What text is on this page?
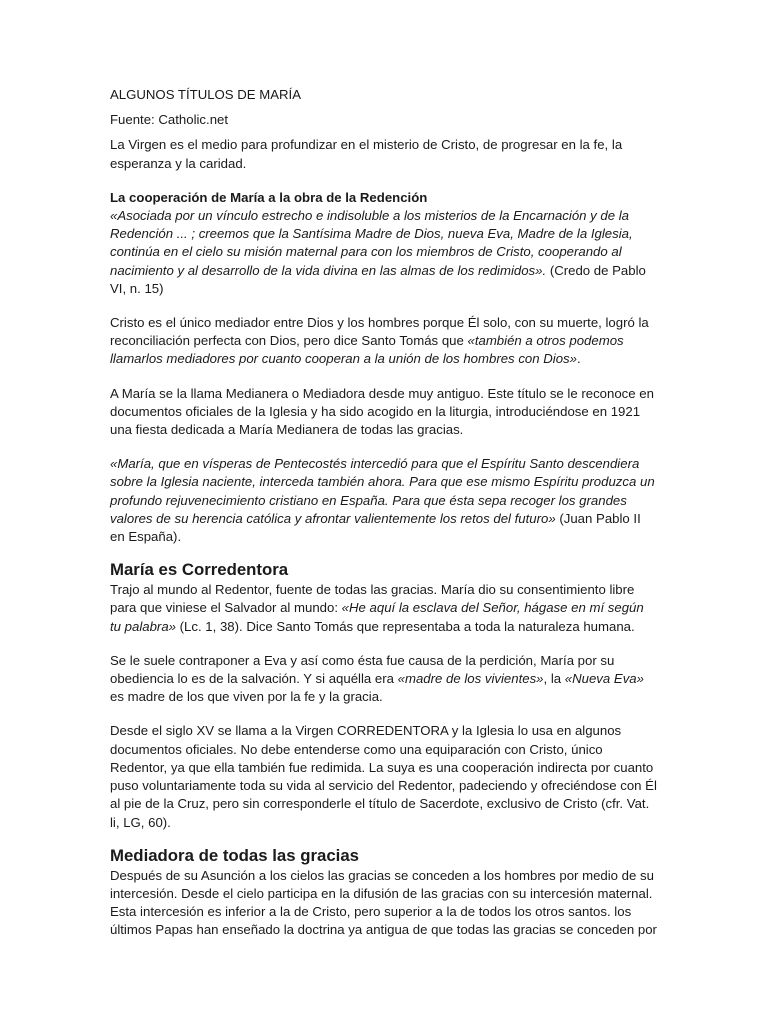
ALGUNOS TÍTULOS DE MARÍA

Fuente: Catholic.net

La Virgen es el medio para profundizar en el misterio de Cristo, de progresar en la fe, la esperanza y la caridad.

La cooperación de María a la obra de la Redención

«Asociada por un vínculo estrecho e indisoluble a los misterios de la Encarnación y de la Redención ... ; creemos que la Santísima Madre de Dios, nueva Eva, Madre de la Iglesia, continúa en el cielo su misión maternal para con los miembros de Cristo, cooperando al nacimiento y al desarrollo de la vida divina en las almas de los redimidos». (Credo de Pablo VI, n. 15)

Cristo es el único mediador entre Dios y los hombres porque Él solo, con su muerte, logró la reconciliación perfecta con Dios, pero dice Santo Tomás que «también a otros podemos llamarlos mediadores por cuanto cooperan a la unión de los hombres con Dios».

A María se la llama Medianera o Mediadora desde muy antiguo. Este título se le reconoce en documentos oficiales de la Iglesia y ha sido acogido en la liturgia, introduciéndose en 1921 una fiesta dedicada a María Medianera de todas las gracias.

«María, que en vísperas de Pentecostés intercedió para que el Espíritu Santo descendiera sobre la Iglesia naciente, interceda también ahora. Para que ese mismo Espíritu produzca un profundo rejuvenecimiento cristiano en España. Para que ésta sepa recoger los grandes valores de su herencia católica y afrontar valientemente los retos del futuro» (Juan Pablo II en España).

María es Corredentora

Trajo al mundo al Redentor, fuente de todas las gracias. María dio su consentimiento libre para que viniese el Salvador al mundo: «He aquí la esclava del Señor, hágase en mí según tu palabra» (Lc. 1, 38). Dice Santo Tomás que representaba a toda la naturaleza humana.

Se le suele contraponer a Eva y así como ésta fue causa de la perdición, María por su obediencia lo es de la salvación. Y si aquélla era «madre de los vivientes», la «Nueva Eva» es madre de los que viven por la fe y la gracia.

Desde el siglo XV se llama a la Virgen CORREDENTORA y la Iglesia lo usa en algunos documentos oficiales. No debe entenderse como una equiparación con Cristo, único Redentor, ya que ella también fue redimida. La suya es una cooperación indirecta por cuanto puso voluntariamente toda su vida al servicio del Redentor, padeciendo y ofreciéndose con Él al pie de la Cruz, pero sin corresponderle el título de Sacerdote, exclusivo de Cristo (cfr. Vat. li, LG, 60).

Mediadora de todas las gracias

Después de su Asunción a los cielos las gracias se conceden a los hombres por medio de su intercesión. Desde el cielo participa en la difusión de las gracias con su intercesión maternal. Esta intercesión es inferior a la de Cristo, pero superior a la de todos los otros santos. los últimos Papas han enseñado la doctrina ya antigua de que todas las gracias se conceden por
